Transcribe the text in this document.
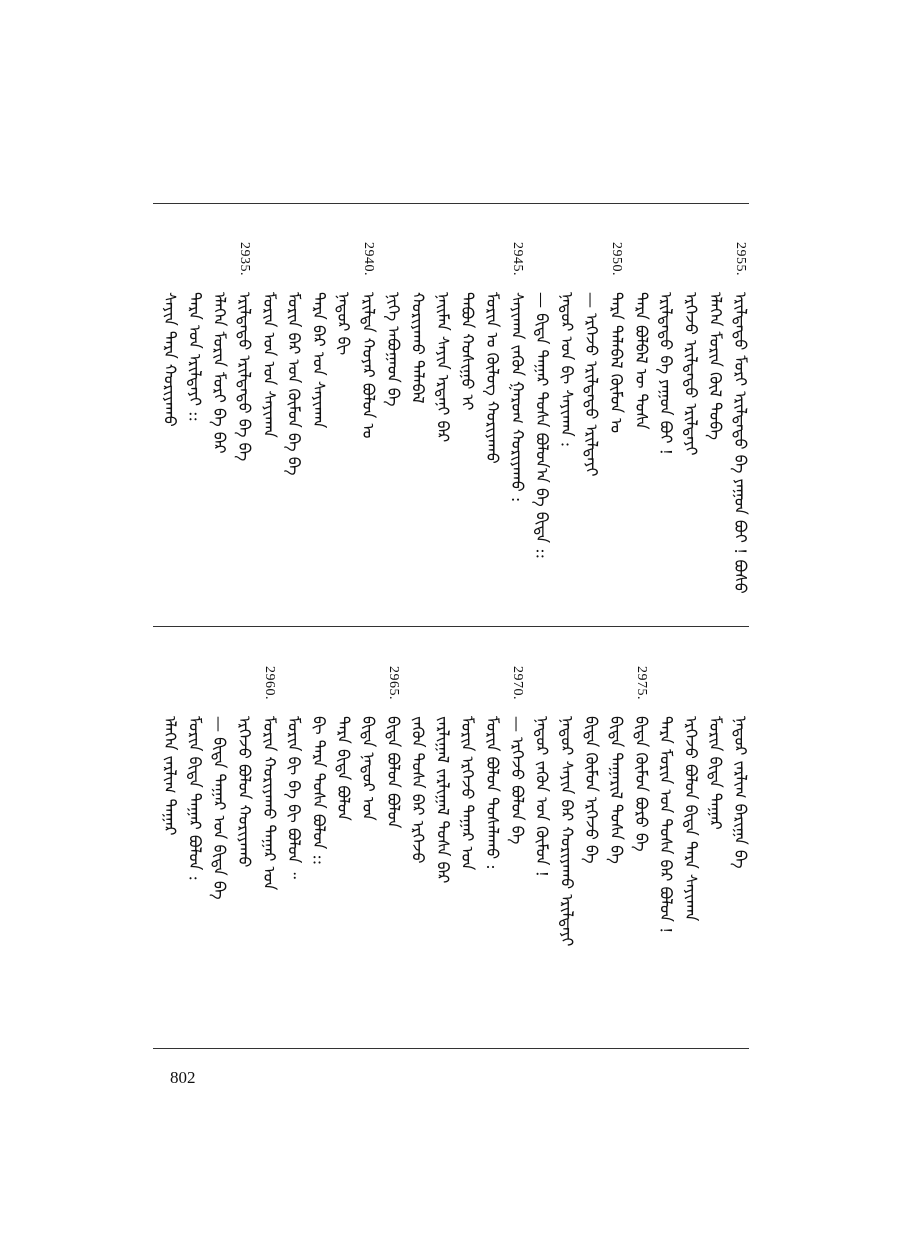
2955.
ᠡᠷᠢᠯᠲᠡᠲᠦ ᠮᠣᠷᠢ ᠡᠷᠢᠯᠲᠡᠲᠦ ᠪᠡ ᠶᠠᠭᠤᠨ ᠪᠣᠢ ! ᠪᠣᠰᠤ
ᠡᠯᠡᠭᠡᠨ ᠮᠣᠷᠢᠨ ᠬᠥᠯ ᠲᠤᠪᠠ
ᠡᠷᠬᠡᠵᠦ ᠡᠷᠢᠯᠲᠡᠲᠦ ᠡᠷᠢᠯᠲᠡᠶᠢ
ᠡᠷᠢᠯᠲᠡᠲᠦ ᠪᠡ ᠶᠠᠭᠤᠨ ᠪᠣᠢ !
ᠲᠡᠷᠡ ᠪᠣᠯᠪᠠᠯ ᠦ ᠲᠤᠰᠠ
2950.
ᠲᠡᠷᠡ ᠲᠠᠯᠠᠪᠠᠯ ᠬᠦᠮᠦᠨ ᠤ
— ᠡᠷᠬᠡᠵᠦ ᠡᠷᠢᠯᠲᠡᠲᠦ ᠡᠷᠢᠯᠲᠡᠶᠢ
ᠨᠠᠳᠤᠷ ᠤᠨ ᠪᠢ ᠰᠠᠶᠢᠬᠠᠨ :
— ᠪᠢᠳᠡ ᠲᠠᠭᠠᠷ ᠲᠤᠰᠠ ᠪᠣᠯᠤᠨ᠎ᠠ ᠪᠠ ᠪᠢᠳᠡ ::
2945.
ᠰᠠᠶᠢᠬᠠᠨ ᠵᠡᠭᠦᠨ ᠭᠠᠷᠤᠭ ᠬᠤᠷᠢᠶᠠᠬᠤ :
ᠮᠣᠷᠢᠨ ᠤ ᠬᠥᠯᠦᠭ ᠬᠤᠷᠢᠶᠠᠬᠤ
ᠲᠠᠪᠤᠨ ᠬᠣᠰᠢᠭᠤ ᠢ
ᠨᠠᠢᠮᠠᠨ ᠰᠠᠶᠢᠨ ᠡᠷᠳᠡᠨᠢ ᠪᠠᠷ
ᠬᠤᠷᠢᠶᠠᠬᠤ ᠲᠠᠯᠠᠪᠠᠯ
ᠨᠢᠭᠡ ᠠᠪᠤᠭᠠᠳ ᠪᠡ
2940.
ᠡᠷᠢᠯᠲᠡ ᠬᠣᠶᠠᠷ ᠪᠣᠯᠤᠨ ᠤ
ᠨᠠᠳᠤᠷ ᠪᠢ
ᠲᠡᠷᠡ ᠪᠠᠷ ᠤᠨ ᠰᠠᠶᠢᠬᠠᠨ
ᠮᠣᠷᠢᠨ ᠪᠠᠷ ᠤᠨ ᠬᠦᠮᠦᠨ ᠪᠡ ᠪᠡ
ᠮᠣᠷᠢᠨ ᠤᠨ ᠤᠨ ᠰᠠᠶᠢᠬᠠᠨ
2935.
ᠡᠷᠢᠯᠲᠡᠲᠦ ᠡᠷᠢᠯᠲᠡᠲᠦ ᠪᠡ ᠪᠡ
ᠡᠯᠡᠭᠡᠨ ᠮᠣᠷᠢᠨ ᠮᠣᠷᠢ ᠪᠠ ᠪᠠᠷ
ᠲᠡᠷᠡ ᠤᠨ ᠡᠷᠢᠯᠲᠡᠶᠢ ::
ᠰᠠᠶᠢᠨ ᠲᠡᠷᠡ ᠬᠤᠷᠢᠶᠠᠬᠤ
ᠨᠠᠳᠤᠷ ᠵᠠᠷᠯᠢᠭ ᠪᠠᠷᠢᠭᠠ ᠪᠡ
ᠮᠣᠷᠢᠨ ᠪᠢᠳᠡ ᠲᠠᠭᠠᠷ
ᠡᠷᠬᠡᠵᠦ ᠪᠣᠯᠤᠨ ᠪᠢᠳᠡ ᠲᠡᠷᠡ ᠰᠠᠶᠢᠬᠠᠨ
ᠲᠡᠷᠡ ᠮᠣᠷᠢᠨ ᠤᠨ ᠲᠤᠰᠠ ᠪᠠᠷ ᠪᠣᠯᠤᠨ !
2975.
ᠪᠢᠳᠡ ᠬᠦᠮᠦᠨ ᠪᠤᠷᠤ ᠪᠡ
ᠪᠢᠳᠡ ᠲᠠᠭᠠᠷᠢᠯ ᠲᠤᠰᠠ ᠪᠡ
ᠪᠢᠳᠡ ᠬᠦᠮᠦᠨ ᠡᠷᠬᠡᠵᠦ ᠪᠡ
ᠨᠠᠳᠤᠷ ᠰᠠᠶᠢᠨ ᠪᠠᠷ ᠬᠤᠷᠢᠶᠠᠬᠤ ᠡᠷᠢᠯᠲᠡᠶᠢ
ᠨᠠᠳᠤᠷ ᠵᠡᠭᠦᠨ ᠤᠨ ᠬᠦᠮᠦᠨ !
2970.
— ᠡᠷᠬᠡᠵᠦ ᠪᠣᠯᠤᠨ ᠪᠡ
ᠮᠣᠷᠢᠨ ᠪᠣᠯᠤᠨ ᠲᠤᠰᠠᠯᠠᠬᠤ :
ᠮᠣᠷᠢᠨ ᠡᠷᠬᠡᠵᠦ ᠲᠠᠭᠠᠷ ᠤᠨ
ᠵᠠᠷᠯᠢᠭᠠᠯ ᠵᠠᠷᠯᠢᠭᠠᠯ ᠲᠤᠰᠠ ᠪᠠᠷ
ᠵᠡᠭᠦᠨ ᠲᠤᠰᠠ ᠪᠠᠷ ᠡᠷᠬᠡᠵᠦ
2965.
ᠪᠢᠳᠡ ᠪᠣᠯᠤᠨ ᠪᠣᠯᠤᠨ
ᠪᠢᠳᠡ ᠨᠠᠳᠤᠷ ᠤᠨ
ᠲᠡᠷᠡ ᠪᠢᠳᠡ ᠪᠣᠯᠤᠨ
ᠪᠢ ᠲᠡᠷᠡ ᠲᠤᠰᠠ ᠪᠣᠯᠤᠨ ::
ᠮᠣᠷᠢᠨ ᠪᠢ ᠪᠠ ᠪᠢ ᠪᠣᠯᠤᠨ ᠃
2960.
ᠮᠣᠷᠢᠨ ᠬᠤᠷᠢᠶᠠᠬᠤ ᠲᠠᠭᠠᠷ ᠤᠨ
ᠡᠷᠬᠡᠵᠦ ᠪᠣᠯᠤᠨ ᠬᠤᠷᠢᠶᠠᠬᠤ
— ᠪᠢᠳᠡ ᠲᠠᠭᠠᠷ ᠤᠨ ᠪᠢᠳᠡ ᠪᠡ
ᠮᠣᠷᠢᠨ ᠪᠢᠳᠡ ᠲᠠᠭᠠᠷ ᠪᠣᠯᠤᠨ :
ᠡᠯᠡᠭᠡᠨ ᠵᠠᠷᠯᠢᠭ ᠲᠠᠭᠠᠷ
802
